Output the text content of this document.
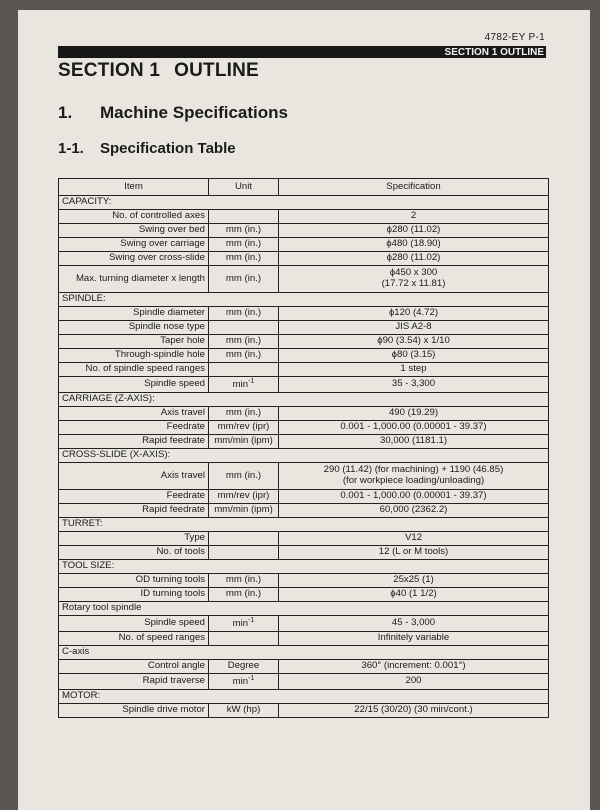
4782-EY P-1
SECTION 1 OUTLINE
SECTION 1 OUTLINE
1. Machine Specifications
1-1. Specification Table
Item	Unit	Specification
CAPACITY:		
No. of controlled axes		2

Swing over bed	mm (in.)	ϕ280 (11.02)

Swing over carriage	mm (in.)	ϕ480 (18.90)

Swing over cross-slide	mm (in.)	ϕ280 (11.02)

Max. turning diameter x length	mm (in.)	ϕ450 x 300
(17.72 x 11.81)

SPINDLE:		
Spindle diameter	mm (in.)	ϕ120 (4.72)

Spindle nose type		JIS A2-8

Taper hole	mm (in.)	ϕ90 (3.54) x 1/10

Through-spindle hole	mm (in.)	ϕ80 (3.15)

No. of spindle speed ranges		1 step

Spindle speed	$\min^{-1}$	35 - 3,300

CARRIAGE (Z-AXIS):		
Axis travel	mm (in.)	490 (19.29)

Feedrate	mm/rev (ipr)	0.001 - 1,000.00 (0.00001 - 39.37)

Rapid feedrate	mm/min (ipm)	30,000 (1181.1)

CROSS-SLIDE (X-AXIS):		
Axis travel	mm (in.)	290 (11.42) (for machining) + 1190 (46.85)
(for workpiece loading/unloading)

Feedrate	mm/rev (ipr)	0.001 - 1,000.00 (0.00001 - 39.37)

Rapid feedrate	mm/min (ipm)	60,000 (2362.2)

TURRET:		
Type		V12

No. of tools		12 (L or M tools)

TOOL SIZE:		
OD turning tools	mm (in.)	25x25 (1)

ID turning tools	mm (in.)	ϕ40 (1 1/2)

Rotary tool spindle		
Spindle speed	$\min^{-1}$	45 - 3,000

No. of speed ranges		Infinitely variable

C-axis		
Control angle	Degree	360° (increment: 0.001°)

Rapid traverse	$\min^{-1}$	200

MOTOR:		
Spindle drive motor	kW (hp)	22/15 (30/20) (30 min/cont.)
